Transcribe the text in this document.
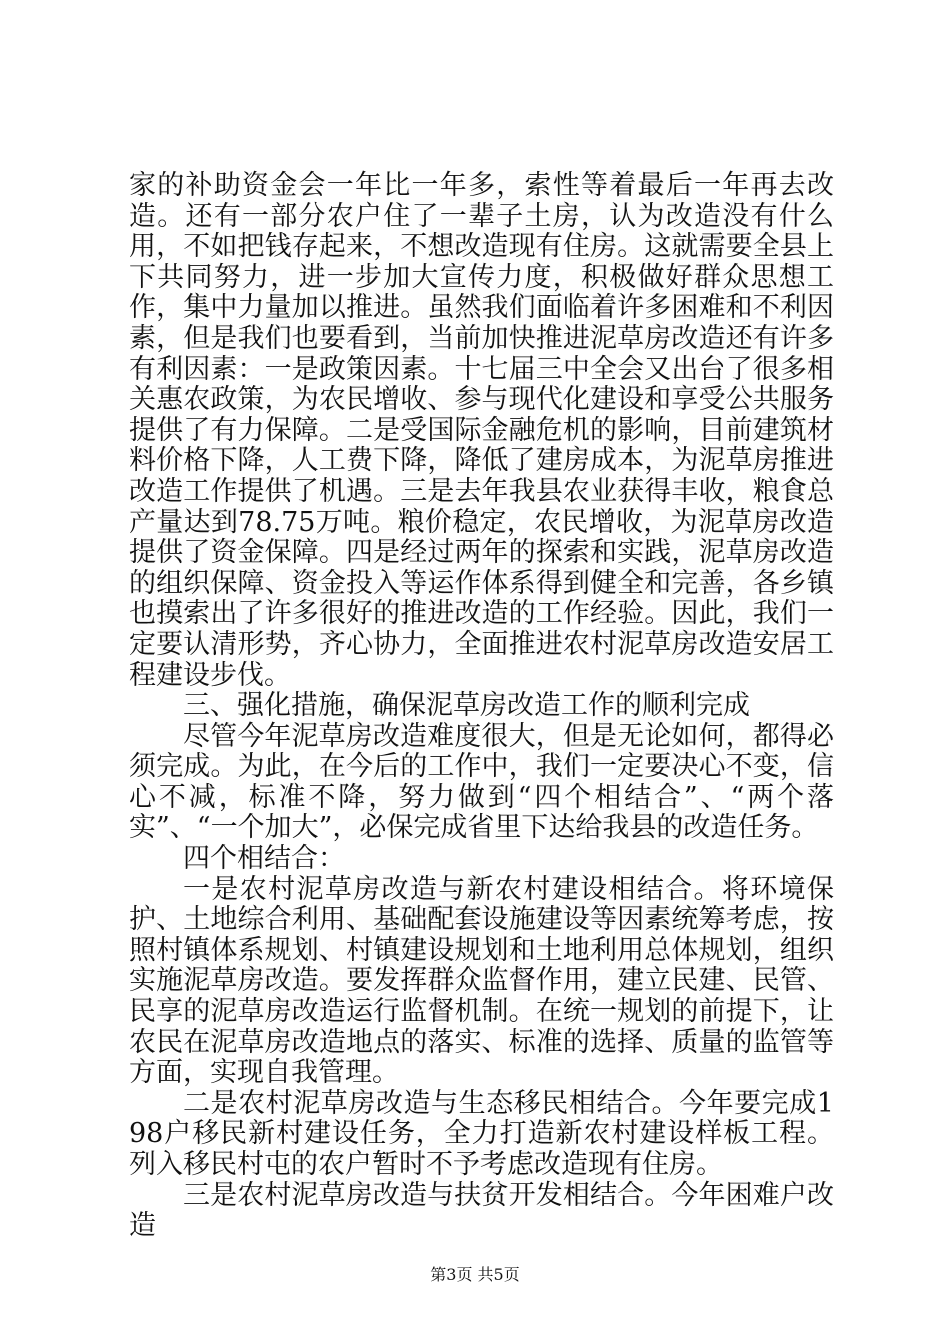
家的补助资金会一年比一年多，索性等着最后一年再去改造。还有一部分农户住了一辈子土房，认为改造没有什么用，不如把钱存起来，不想改造现有住房。这就需要全县上下共同努力，进一步加大宣传力度，积极做好群众思想工作，集中力量加以推进。虽然我们面临着许多困难和不利因素，但是我们也要看到，当前加快推进泥草房改造还有许多有利因素：一是政策因素。十七届三中全会又出台了很多相关惠农政策，为农民增收、参与现代化建设和享受公共服务提供了有力保障。二是受国际金融危机的影响，目前建筑材料价格下降，人工费下降，降低了建房成本，为泥草房推进改造工作提供了机遇。三是去年我县农业获得丰收，粮食总产量达到78.75万吨。粮价稳定，农民增收，为泥草房改造提供了资金保障。四是经过两年的探索和实践，泥草房改造的组织保障、资金投入等运作体系得到健全和完善，各乡镇也摸索出了许多很好的推进改造的工作经验。因此，我们一定要认清形势，齐心协力，全面推进农村泥草房改造安居工程建设步伐。

三、强化措施，确保泥草房改造工作的顺利完成

尽管今年泥草房改造难度很大，但是无论如何，都得必须完成。为此，在今后的工作中，我们一定要决心不变，信心不减，标准不降，努力做到“四个相结合”、“两个落实”、“一个加大”，必保完成省里下达给我县的改造任务。

四个相结合：

一是农村泥草房改造与新农村建设相结合。将环境保护、土地综合利用、基础配套设施建设等因素统筹考虑，按照村镇体系规划、村镇建设规划和土地利用总体规划，组织实施泥草房改造。要发挥群众监督作用，建立民建、民管、民享的泥草房改造运行监督机制。在统一规划的前提下，让农民在泥草房改造地点的落实、标准的选择、质量的监管等方面，实现自我管理。

二是农村泥草房改造与生态移民相结合。今年要完成198户移民新村建设任务，全力打造新农村建设样板工程。列入移民村屯的农户暂时不予考虑改造现有住房。

三是农村泥草房改造与扶贫开发相结合。今年困难户改造

第3页 共5页
